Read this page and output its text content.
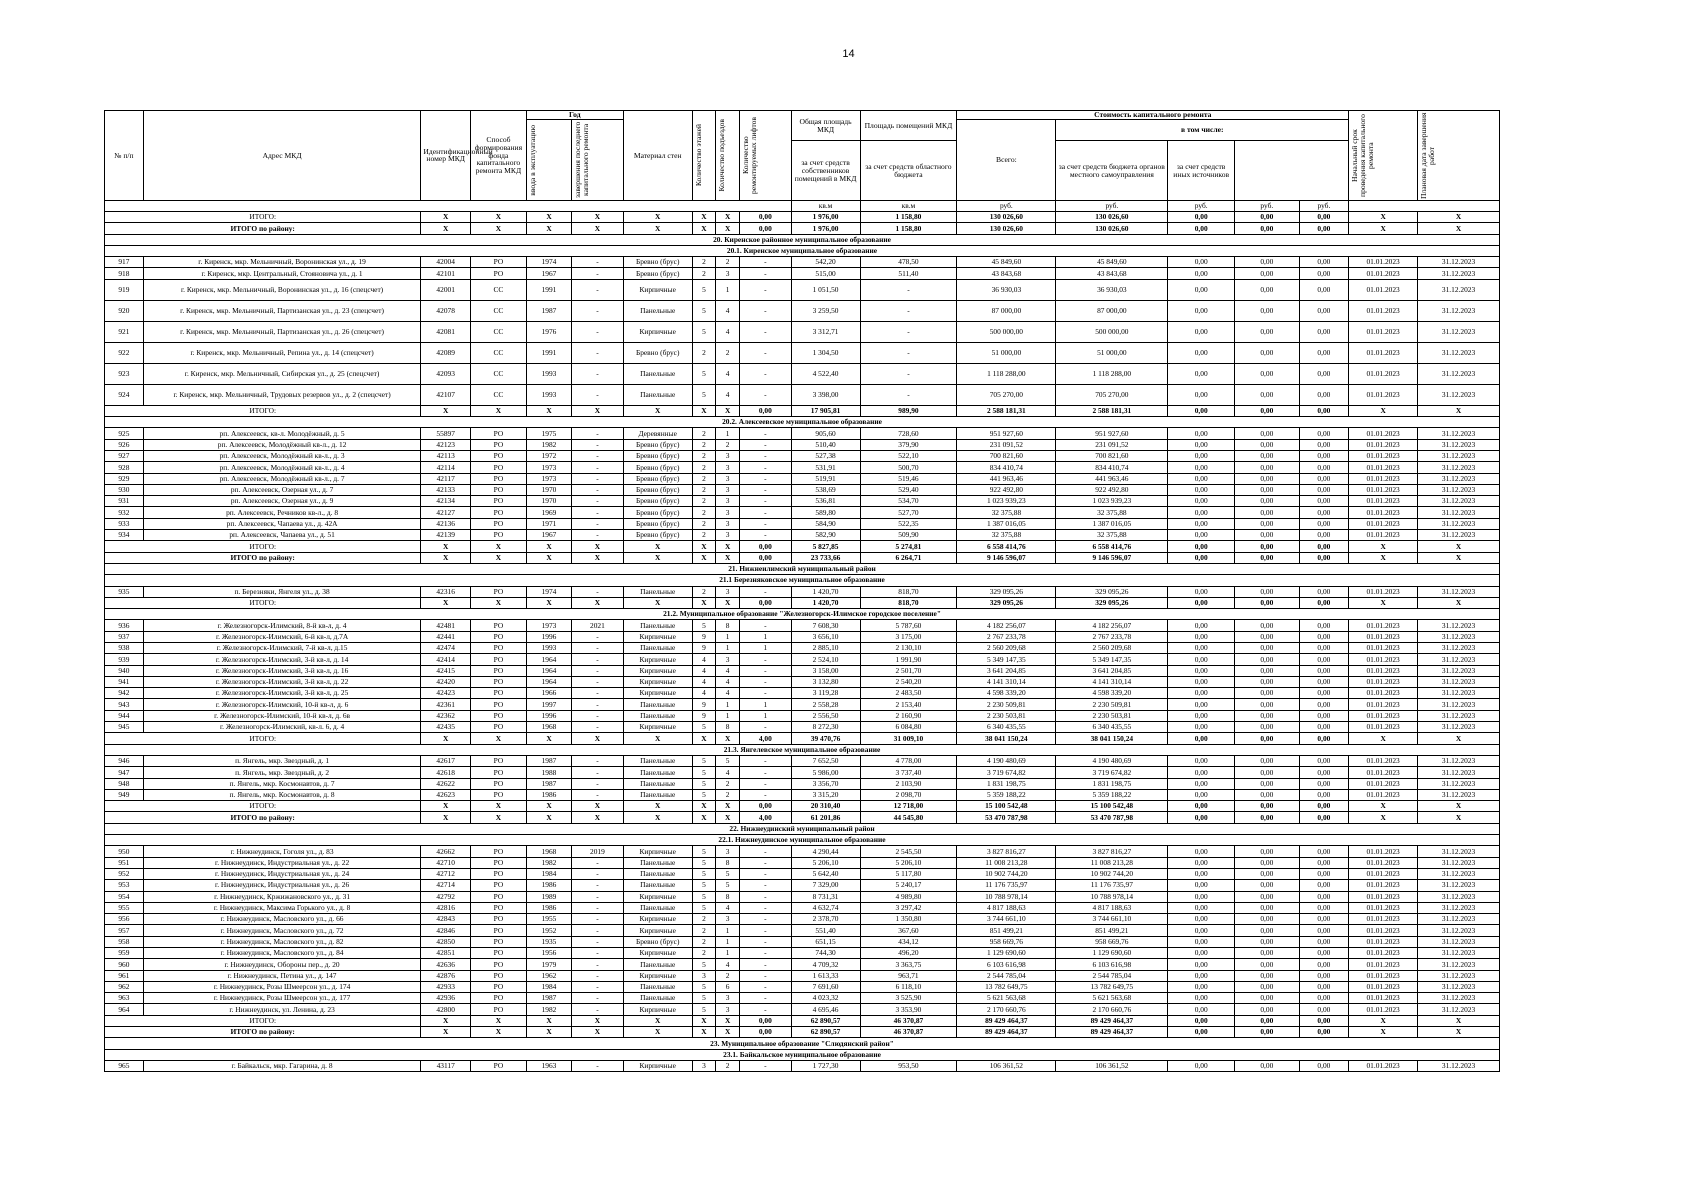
14
№ п/п	Адрес МКД	Идентификационный номер МКД	Способ формирования фонда капитального ремонта МКД	Год		Материал стен	Количество этажей	Количество подъездов	Количество ремонтируемых лифтов	Общая площадь МКД	Площадь помещений МКД	Стоимость капитального ремонта					Начальный срок проведения капитального ремонта	Плановая дата завершения работ

				ввода в эксплуатацию	завершения последнего капитального ремонта							Всего:	в том числе:					
										за счет средств собственников помещений в МКД	за счет средств областного бюджета		за счет средств бюджета органов местного самоуправления	за счет средств иных источников				
										кв.м	кв.м	руб.	руб.	руб.	руб.	руб.		
ИТОГО:		X	X	X	X	X	X	X	0,00	1 976,00	1 158,80	130 026,60	130 026,60	0,00	0,00	0,00	X	X
ИТОГО по району:		X	X	X	X	X	X	X	0,00	1 976,00	1 158,80	130 026,60	130 026,60	0,00	0,00	0,00	X	X
20. Киренское районное муниципальное образование																		
20.1. Киренское муниципальное образование																		
917	г. Киренск, мкр. Мельничный, Воронинская ул., д. 19	42004	РО	1974	-	Бревно (брус)	2	2	-	542,20	478,50	45 849,60	45 849,60	0,00	0,00	0,00	01.01.2023	31.12.2023
918	г. Киренск, мкр. Центральный, Стояновича ул., д. 1	42101	РО	1967	-	Бревно (брус)	2	3	-	515,00	511,40	43 843,68	43 843,68	0,00	0,00	0,00	01.01.2023	31.12.2023
919	г. Киренск, мкр. Мельничный, Воронинская ул., д. 16 (спецсчет)	42001	СС	1991	-	Кирпичные	5	1	-	1 051,50	-	36 930,03	36 930,03	0,00	0,00	0,00	01.01.2023	31.12.2023
920	г. Киренск, мкр. Мельничный, Партизанская ул., д. 23 (спецсчет)	42078	СС	1987	-	Панельные	5	4	-	3 259,50	-	87 000,00	87 000,00	0,00	0,00	0,00	01.01.2023	31.12.2023
921	г. Киренск, мкр. Мельничный, Партизанская ул., д. 26 (спецсчет)	42081	СС	1976	-	Кирпичные	5	4	-	3 312,71	-	500 000,00	500 000,00	0,00	0,00	0,00	01.01.2023	31.12.2023
922	г. Киренск, мкр. Мельничный, Репина ул., д. 14 (спецсчет)	42089	СС	1991	-	Бревно (брус)	2	2	-	1 304,50	-	51 000,00	51 000,00	0,00	0,00	0,00	01.01.2023	31.12.2023
923	г. Киренск, мкр. Мельничный, Сибирская ул., д. 25 (спецсчет)	42093	СС	1993	-	Панельные	5	4	-	4 522,40	-	1 118 288,00	1 118 288,00	0,00	0,00	0,00	01.01.2023	31.12.2023
924	г. Киренск, мкр. Мельничный, Трудовых резервов ул., д. 2 (спецсчет)	42107	СС	1993	-	Панельные	5	4	-	3 398,00	-	705 270,00	705 270,00	0,00	0,00	0,00	01.01.2023	31.12.2023
ИТОГО:		X	X	X	X	X	X	X	0,00	17 905,81	989,90	2 588 181,31	2 588 181,31	0,00	0,00	0,00	X	X
20.2. Алексеевское муниципальное образование																		
925	рп. Алексеевск, кв-л. Молодёжный, д. 5	55897	РО	1975	-	Деревянные	2	1	-	905,60	728,60	951 927,60	951 927,60	0,00	0,00	0,00	01.01.2023	31.12.2023
926	рп. Алексеевск, Молодёжный кв-л., д. 12	42123	РО	1982	-	Бревно (брус)	2	2	-	510,40	379,90	231 091,52	231 091,52	0,00	0,00	0,00	01.01.2023	31.12.2023
927	рп. Алексеевск, Молодёжный кв-л., д. 3	42113	РО	1972	-	Бревно (брус)	2	3	-	527,38	522,10	700 821,60	700 821,60	0,00	0,00	0,00	01.01.2023	31.12.2023
928	рп. Алексеевск, Молодёжный кв-л., д. 4	42114	РО	1973	-	Бревно (брус)	2	3	-	531,91	500,70	834 410,74	834 410,74	0,00	0,00	0,00	01.01.2023	31.12.2023
929	рп. Алексеевск, Молодёжный кв-л., д. 7	42117	РО	1973	-	Бревно (брус)	2	3	-	519,91	519,46	441 963,46	441 963,46	0,00	0,00	0,00	01.01.2023	31.12.2023
930	рп. Алексеевск, Озерная ул., д. 7	42133	РО	1970	-	Бревно (брус)	2	3	-	538,69	529,40	922 492,80	922 492,80	0,00	0,00	0,00	01.01.2023	31.12.2023
931	рп. Алексеевск, Озерная ул., д. 9	42134	РО	1970	-	Бревно (брус)	2	3	-	536,81	534,70	1 023 939,23	1 023 939,23	0,00	0,00	0,00	01.01.2023	31.12.2023
932	рп. Алексеевск, Речников кв-л., д. 8	42127	РО	1969	-	Бревно (брус)	2	3	-	589,80	527,70	32 375,88	32 375,88	0,00	0,00	0,00	01.01.2023	31.12.2023
933	рп. Алексеевск, Чапаева ул., д. 42А	42136	РО	1971	-	Бревно (брус)	2	3	-	584,90	522,35	1 387 016,05	1 387 016,05	0,00	0,00	0,00	01.01.2023	31.12.2023
934	рп. Алексеевск, Чапаева ул., д. 51	42139	РО	1967	-	Бревно (брус)	2	3	-	582,90	509,90	32 375,88	32 375,88	0,00	0,00	0,00	01.01.2023	31.12.2023
ИТОГО:		X	X	X	X	X	X	X	0,00	5 827,85	5 274,81	6 558 414,76	6 558 414,76	0,00	0,00	0,00	X	X
ИТОГО по району:		X	X	X	X	X	X	X	0,00	23 733,66	6 264,71	9 146 596,07	9 146 596,07	0,00	0,00	0,00	X	X
21. Нижнеилимский муниципальный район																		
21.1 Березняковское муниципальное образование																		
935	п. Березняки, Янгеля ул., д. 38	42316	РО	1974	-	Панельные	2	3	-	1 420,70	818,70	329 095,26	329 095,26	0,00	0,00	0,00	01.01.2023	31.12.2023
ИТОГО:		X	X	X	X	X	X	X	0,00	1 420,70	818,70	329 095,26	329 095,26	0,00	0,00	0,00	X	X
21.2. Муниципальное образование "Железногорск-Илимское городское поселение"																		
936	г. Железногорск-Илимский, 8-й кв-л, д. 4	42481	РО	1973	2021	Панельные	5	8	-	7 608,30	5 787,60	4 182 256,07	4 182 256,07	0,00	0,00	0,00	01.01.2023	31.12.2023
937	г. Железногорск-Илимский, 6-й кв-л, д.7А	42441	РО	1996	-	Кирпичные	9	1	1	3 656,10	3 175,00	2 767 233,78	2 767 233,78	0,00	0,00	0,00	01.01.2023	31.12.2023
938	г. Железногорск-Илимский, 7-й кв-л, д.15	42474	РО	1993	-	Панельные	9	1	1	2 885,10	2 130,10	2 560 209,68	2 560 209,68	0,00	0,00	0,00	01.01.2023	31.12.2023
939	г. Железногорск-Илимский, 3-й кв-л, д. 14	42414	РО	1964	-	Кирпичные	4	3	-	2 524,10	1 991,90	5 349 147,35	5 349 147,35	0,00	0,00	0,00	01.01.2023	31.12.2023
940	г. Железногорск-Илимский, 3-й кв-л, д. 16	42415	РО	1964	-	Кирпичные	4	4	-	3 158,00	2 501,70	3 641 204,85	3 641 204,85	0,00	0,00	0,00	01.01.2023	31.12.2023
941	г. Железногорск-Илимский, 3-й кв-л, д. 22	42420	РО	1964	-	Кирпичные	4	4	-	3 132,80	2 540,20	4 141 310,14	4 141 310,14	0,00	0,00	0,00	01.01.2023	31.12.2023
942	г. Железногорск-Илимский, 3-й кв-л, д. 25	42423	РО	1966	-	Кирпичные	4	4	-	3 119,28	2 483,50	4 598 339,20	4 598 339,20	0,00	0,00	0,00	01.01.2023	31.12.2023
943	г. Железногорск-Илимский, 10-й кв-л, д. 6	42361	РО	1997	-	Панельные	9	1	1	2 558,28	2 153,40	2 230 509,81	2 230 509,81	0,00	0,00	0,00	01.01.2023	31.12.2023
944	г. Железногорск-Илимский, 10-й кв-л, д. 6в	42362	РО	1996	-	Панельные	9	1	1	2 556,50	2 160,90	2 230 503,81	2 230 503,81	0,00	0,00	0,00	01.01.2023	31.12.2023
945	г. Железногорск-Илимский, кв-л. 6, д. 4	42435	РО	1968	-	Кирпичные	5	8	-	8 272,30	6 084,80	6 340 435,55	6 340 435,55	0,00	0,00	0,00	01.01.2023	31.12.2023
ИТОГО:		X	X	X	X	X	X	X	4,00	39 470,76	31 009,10	38 041 150,24	38 041 150,24	0,00	0,00	0,00	X	X
21.3. Янгелевское муниципальное образование																		
946	п. Янгель, мкр. Звездный, д. 1	42617	РО	1987	-	Панельные	5	5	-	7 652,50	4 778,00	4 190 480,69	4 190 480,69	0,00	0,00	0,00	01.01.2023	31.12.2023
947	п. Янгель, мкр. Звездный, д. 2	42618	РО	1988	-	Панельные	5	4	-	5 986,00	3 737,40	3 719 674,82	3 719 674,82	0,00	0,00	0,00	01.01.2023	31.12.2023
948	п. Янгель, мкр. Космонавтов, д. 7	42622	РО	1987	-	Панельные	5	2	-	3 356,70	2 103,90	1 831 198,75	1 831 198,75	0,00	0,00	0,00	01.01.2023	31.12.2023
949	п. Янгель, мкр. Космонавтов, д. 8	42623	РО	1986	-	Панельные	5	2	-	3 315,20	2 098,70	5 359 188,22	5 359 188,22	0,00	0,00	0,00	01.01.2023	31.12.2023
ИТОГО:		X	X	X	X	X	X	X	0,00	20 310,40	12 718,00	15 100 542,48	15 100 542,48	0,00	0,00	0,00	X	X
ИТОГО по району:		X	X	X	X	X	X	X	4,00	61 201,86	44 545,80	53 470 787,98	53 470 787,98	0,00	0,00	0,00	X	X
22. Нижнеудинский муниципальный район																		
22.1. Нижнеудинское муниципальное образование																		
950	г. Нижнеудинск, Гоголя ул., д. 83	42662	РО	1968	2019	Кирпичные	5	3	-	4 290,44	2 545,50	3 827 816,27	3 827 816,27	0,00	0,00	0,00	01.01.2023	31.12.2023
951	г. Нижнеудинск, Индустриальная ул., д. 22	42710	РО	1982	-	Панельные	5	8	-	5 206,10	5 206,10	11 008 213,28	11 008 213,28	0,00	0,00	0,00	01.01.2023	31.12.2023
952	г. Нижнеудинск, Индустриальная ул., д. 24	42712	РО	1984	-	Панельные	5	5	-	5 642,40	5 117,80	10 902 744,20	10 902 744,20	0,00	0,00	0,00	01.01.2023	31.12.2023
953	г. Нижнеудинск, Индустриальная ул., д. 26	42714	РО	1986	-	Панельные	5	5	-	7 329,00	5 240,17	11 176 735,97	11 176 735,97	0,00	0,00	0,00	01.01.2023	31.12.2023
954	г. Нижнеудинск, Кржижановского ул., д. 31	42792	РО	1989	-	Кирпичные	5	8	-	8 731,31	4 989,80	10 788 978,14	10 788 978,14	0,00	0,00	0,00	01.01.2023	31.12.2023
955	г. Нижнеудинск, Максима Горького ул., д. 8	42816	РО	1986	-	Панельные	5	4	-	4 632,74	3 297,42	4 817 188,63	4 817 188,63	0,00	0,00	0,00	01.01.2023	31.12.2023
956	г. Нижнеудинск, Масловского ул., д. 66	42843	РО	1955	-	Кирпичные	2	3	-	2 378,70	1 350,80	3 744 661,10	3 744 661,10	0,00	0,00	0,00	01.01.2023	31.12.2023
957	г. Нижнеудинск, Масловского ул., д. 72	42846	РО	1952	-	Кирпичные	2	1	-	551,40	367,60	851 499,21	851 499,21	0,00	0,00	0,00	01.01.2023	31.12.2023
958	г. Нижнеудинск, Масловского ул., д. 82	42850	РО	1935	-	Бревно (брус)	2	1	-	651,15	434,12	958 669,76	958 669,76	0,00	0,00	0,00	01.01.2023	31.12.2023
959	г. Нижнеудинск, Масловского ул., д. 84	42851	РО	1956	-	Кирпичные	2	1	-	744,30	496,20	1 129 690,60	1 129 690,60	0,00	0,00	0,00	01.01.2023	31.12.2023
960	г. Нижнеудинск, Обороны пер., д. 20	42636	РО	1979	-	Панельные	5	4	-	4 709,32	3 363,75	6 103 616,98	6 103 616,98	0,00	0,00	0,00	01.01.2023	31.12.2023
961	г. Нижнеудинск, Петина ул., д. 147	42876	РО	1962	-	Кирпичные	3	2	-	1 613,33	963,71	2 544 785,04	2 544 785,04	0,00	0,00	0,00	01.01.2023	31.12.2023
962	г. Нижнеудинск, Розы Шмеерсон ул., д. 174	42933	РО	1984	-	Панельные	5	6	-	7 691,60	6 118,10	13 782 649,75	13 782 649,75	0,00	0,00	0,00	01.01.2023	31.12.2023
963	г. Нижнеудинск, Розы Шмеерсон ул., д. 177	42936	РО	1987	-	Панельные	5	3	-	4 023,32	3 525,90	5 621 563,68	5 621 563,68	0,00	0,00	0,00	01.01.2023	31.12.2023
964	г. Нижнеудинск, ул. Ленина, д. 23	42800	РО	1982	-	Кирпичные	5	3	-	4 695,46	3 353,90	2 170 660,76	2 170 660,76	0,00	0,00	0,00	01.01.2023	31.12.2023
ИТОГО:		X	X	X	X	X	X	X	0,00	62 890,57	46 370,87	89 429 464,37	89 429 464,37	0,00	0,00	0,00	X	X
ИТОГО по району:		X	X	X	X	X	X	X	0,00	62 890,57	46 370,87	89 429 464,37	89 429 464,37	0,00	0,00	0,00	X	X
23. Муниципальное образование "Слюдянский район"																		
23.1. Байкальское муниципальное образование																		
965	г. Байкальск, мкр. Гагарина, д. 8	43117	РО	1963	-	Кирпичные	3	2	-	1 727,30	953,50	106 361,52	106 361,52	0,00	0,00	0,00	01.01.2023	31.12.2023
